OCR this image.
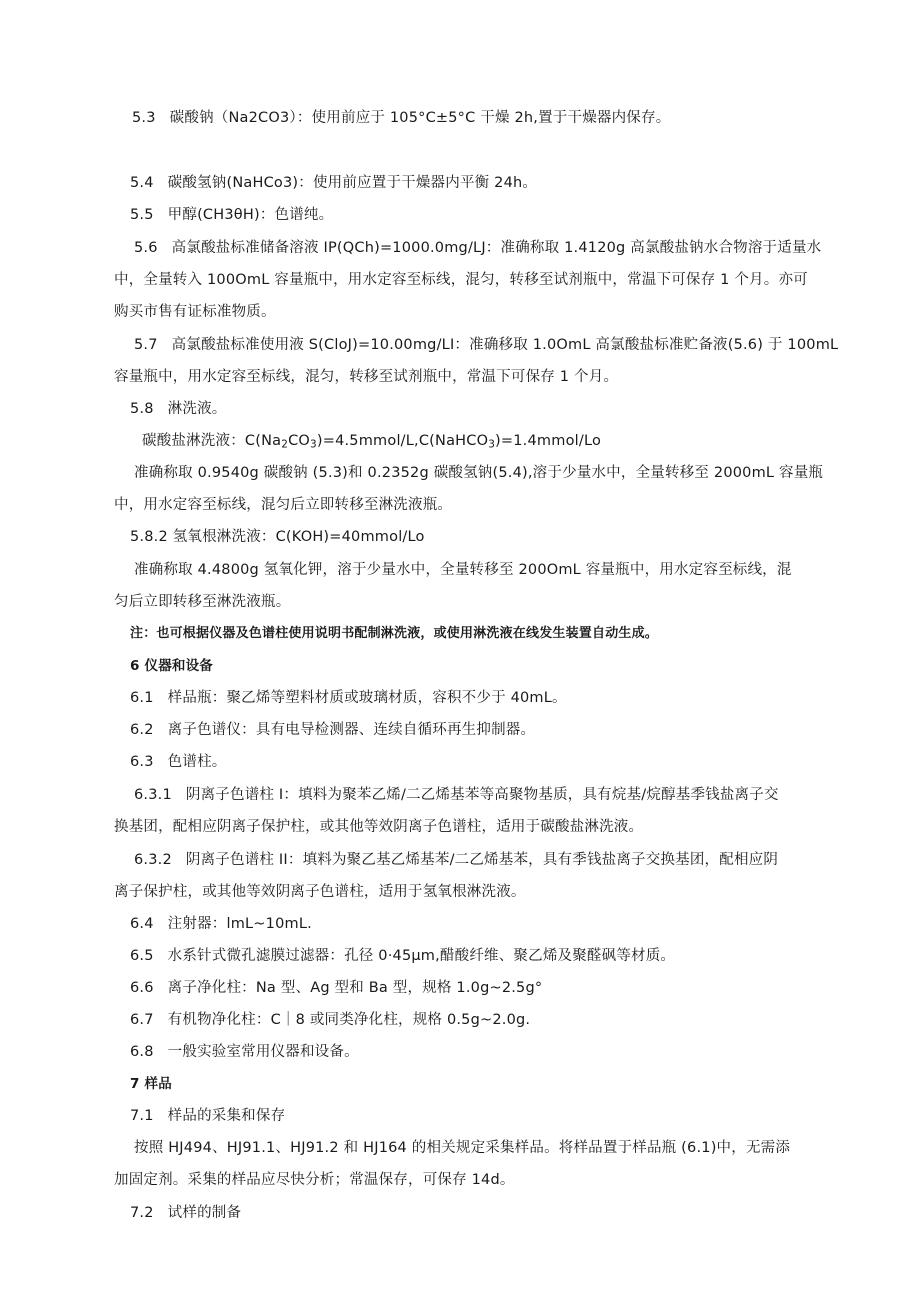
5.3 碳酸钠（Na2CO3）：使用前应于 105°C±5°C 干燥 2h,置于干燥器内保存。
5.4 碳酸氢钠(NaHCo3)：使用前应置于干燥器内平衡 24h。
5.5 甲醇(CH3θH)：色谱纯。
5.6 高氯酸盐标准储备溶液 IP(QCh)=1000.0mg/LJ：准确称取 1.4120g 高氯酸盐钠水合物溶于适量水
中，全量转入 100OmL 容量瓶中，用水定容至标线，混匀，转移至试剂瓶中，常温下可保存 1 个月。亦可
购买市售有证标准物质。
5.7 高氯酸盐标准使用液 S(CloJ)=10.00mg/LI：准确移取 1.0OmL 高氯酸盐标准贮备液(5.6) 于 100mL
容量瓶中，用水定容至标线，混匀，转移至试剂瓶中，常温下可保存 1 个月。
5.8 淋洗液。
碳酸盐淋洗液：$C(Na_2CO_3)=4.5mmol∕L,C(NaHCO_3)=1.4mmol/Lo$
准确称取 0.9540g 碳酸钠 (5.3)和 0.2352g 碳酸氢钠(5.4),溶于少量水中，全量转移至 2000mL 容量瓶
中，用水定容至标线，混匀后立即转移至淋洗液瓶。
5.8.2 氢氧根淋洗液：C(KOH)=40mmol/Lo
准确称取 4.4800g 氢氧化钾，溶于少量水中，全量转移至 200OmL 容量瓶中，用水定容至标线，混
匀后立即转移至淋洗液瓶。
注：也可根据仪器及色谱柱使用说明书配制淋洗液，或使用淋洗液在线发生装置自动生成。
6 仪器和设备
6.1 样品瓶：聚乙烯等塑料材质或玻璃材质，容积不少于 40mL。
6.2 离子色谱仪：具有电导检测器、连续自循环再生抑制器。
6.3 色谱柱。
6.3.1 阴离子色谱柱 I：填料为聚苯乙烯/二乙烯基苯等高聚物基质，具有烷基/烷醇基季钱盐离子交
换基团，配相应阴离子保护柱，或其他等效阴离子色谱柱，适用于碳酸盐淋洗液。
6.3.2 阴离子色谱柱 II：填料为聚乙基乙烯基苯/二乙烯基苯，具有季钱盐离子交换基团，配相应阴
离子保护柱，或其他等效阴离子色谱柱，适用于氢氧根淋洗液。
6.4 注射器：lmL~10mL.
6.5 水系针式微孔滤膜过滤器：孔径 0·45μm,醋酸纤维、聚乙烯及聚醛砜等材质。
6.6 离子净化柱：Na 型、Ag 型和 Ba 型，规格 1.0g~2.5g°
6.7 有机物净化柱：C｜8 或同类净化柱，规格 0.5g~2.0g.
6.8 一般实验室常用仪器和设备。
7 样品
7.1 样品的采集和保存
按照 HJ494、HJ91.1、HJ91.2 和 HJ164 的相关规定采集样品。将样品置于样品瓶 (6.1)中，无需添
加固定剂。采集的样品应尽快分析；常温保存，可保存 14d。
7.2 试样的制备
